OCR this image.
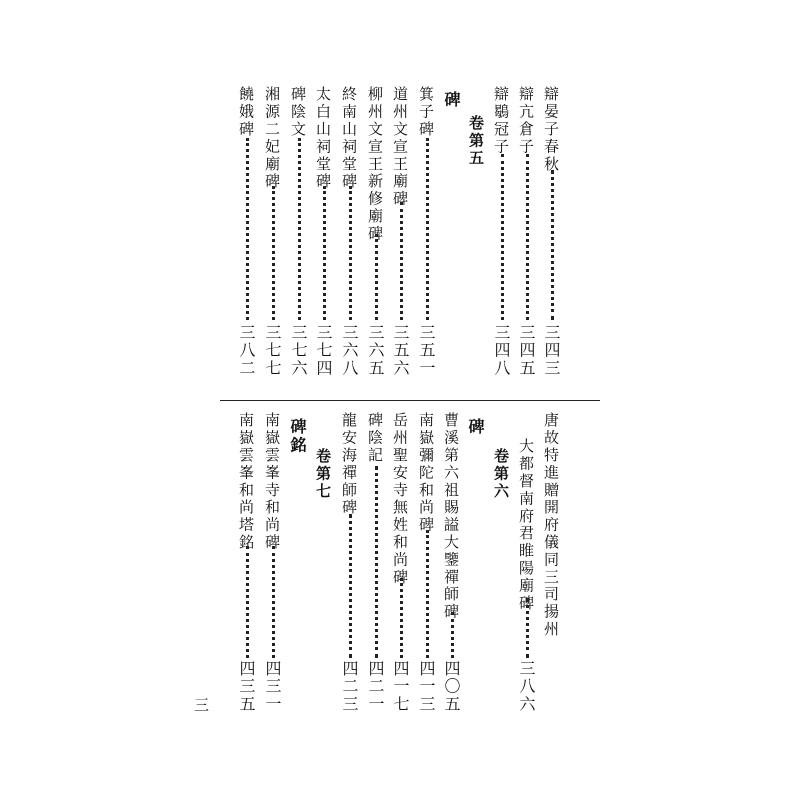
辯晏子春秋
三四三
辯亢倉子
三四五
辯鶡冠子
三四八
卷第五
碑
箕子碑
三五一
道州文宣王廟碑
三五六
柳州文宣王新修廟碑
三六五
終南山祠堂碑
三六八
太白山祠堂碑
三七四
碑陰文
三七六
湘源二妃廟碑
三七七
饒娥碑
三八二
唐故特進贈開府儀同三司揚州
大都督南府君睢陽廟碑
三八六
卷第六
碑
曹溪第六祖賜謚大鑒禪師碑
四〇五
南嶽彌陀和尚碑
四一三
岳州聖安寺無姓和尚碑
四一七
碑陰記
四二一
龍安海禪師碑
四二三
卷第七
碑銘
南嶽雲峯寺和尚碑
四三一
南嶽雲峯和尚塔銘
四三五
三
